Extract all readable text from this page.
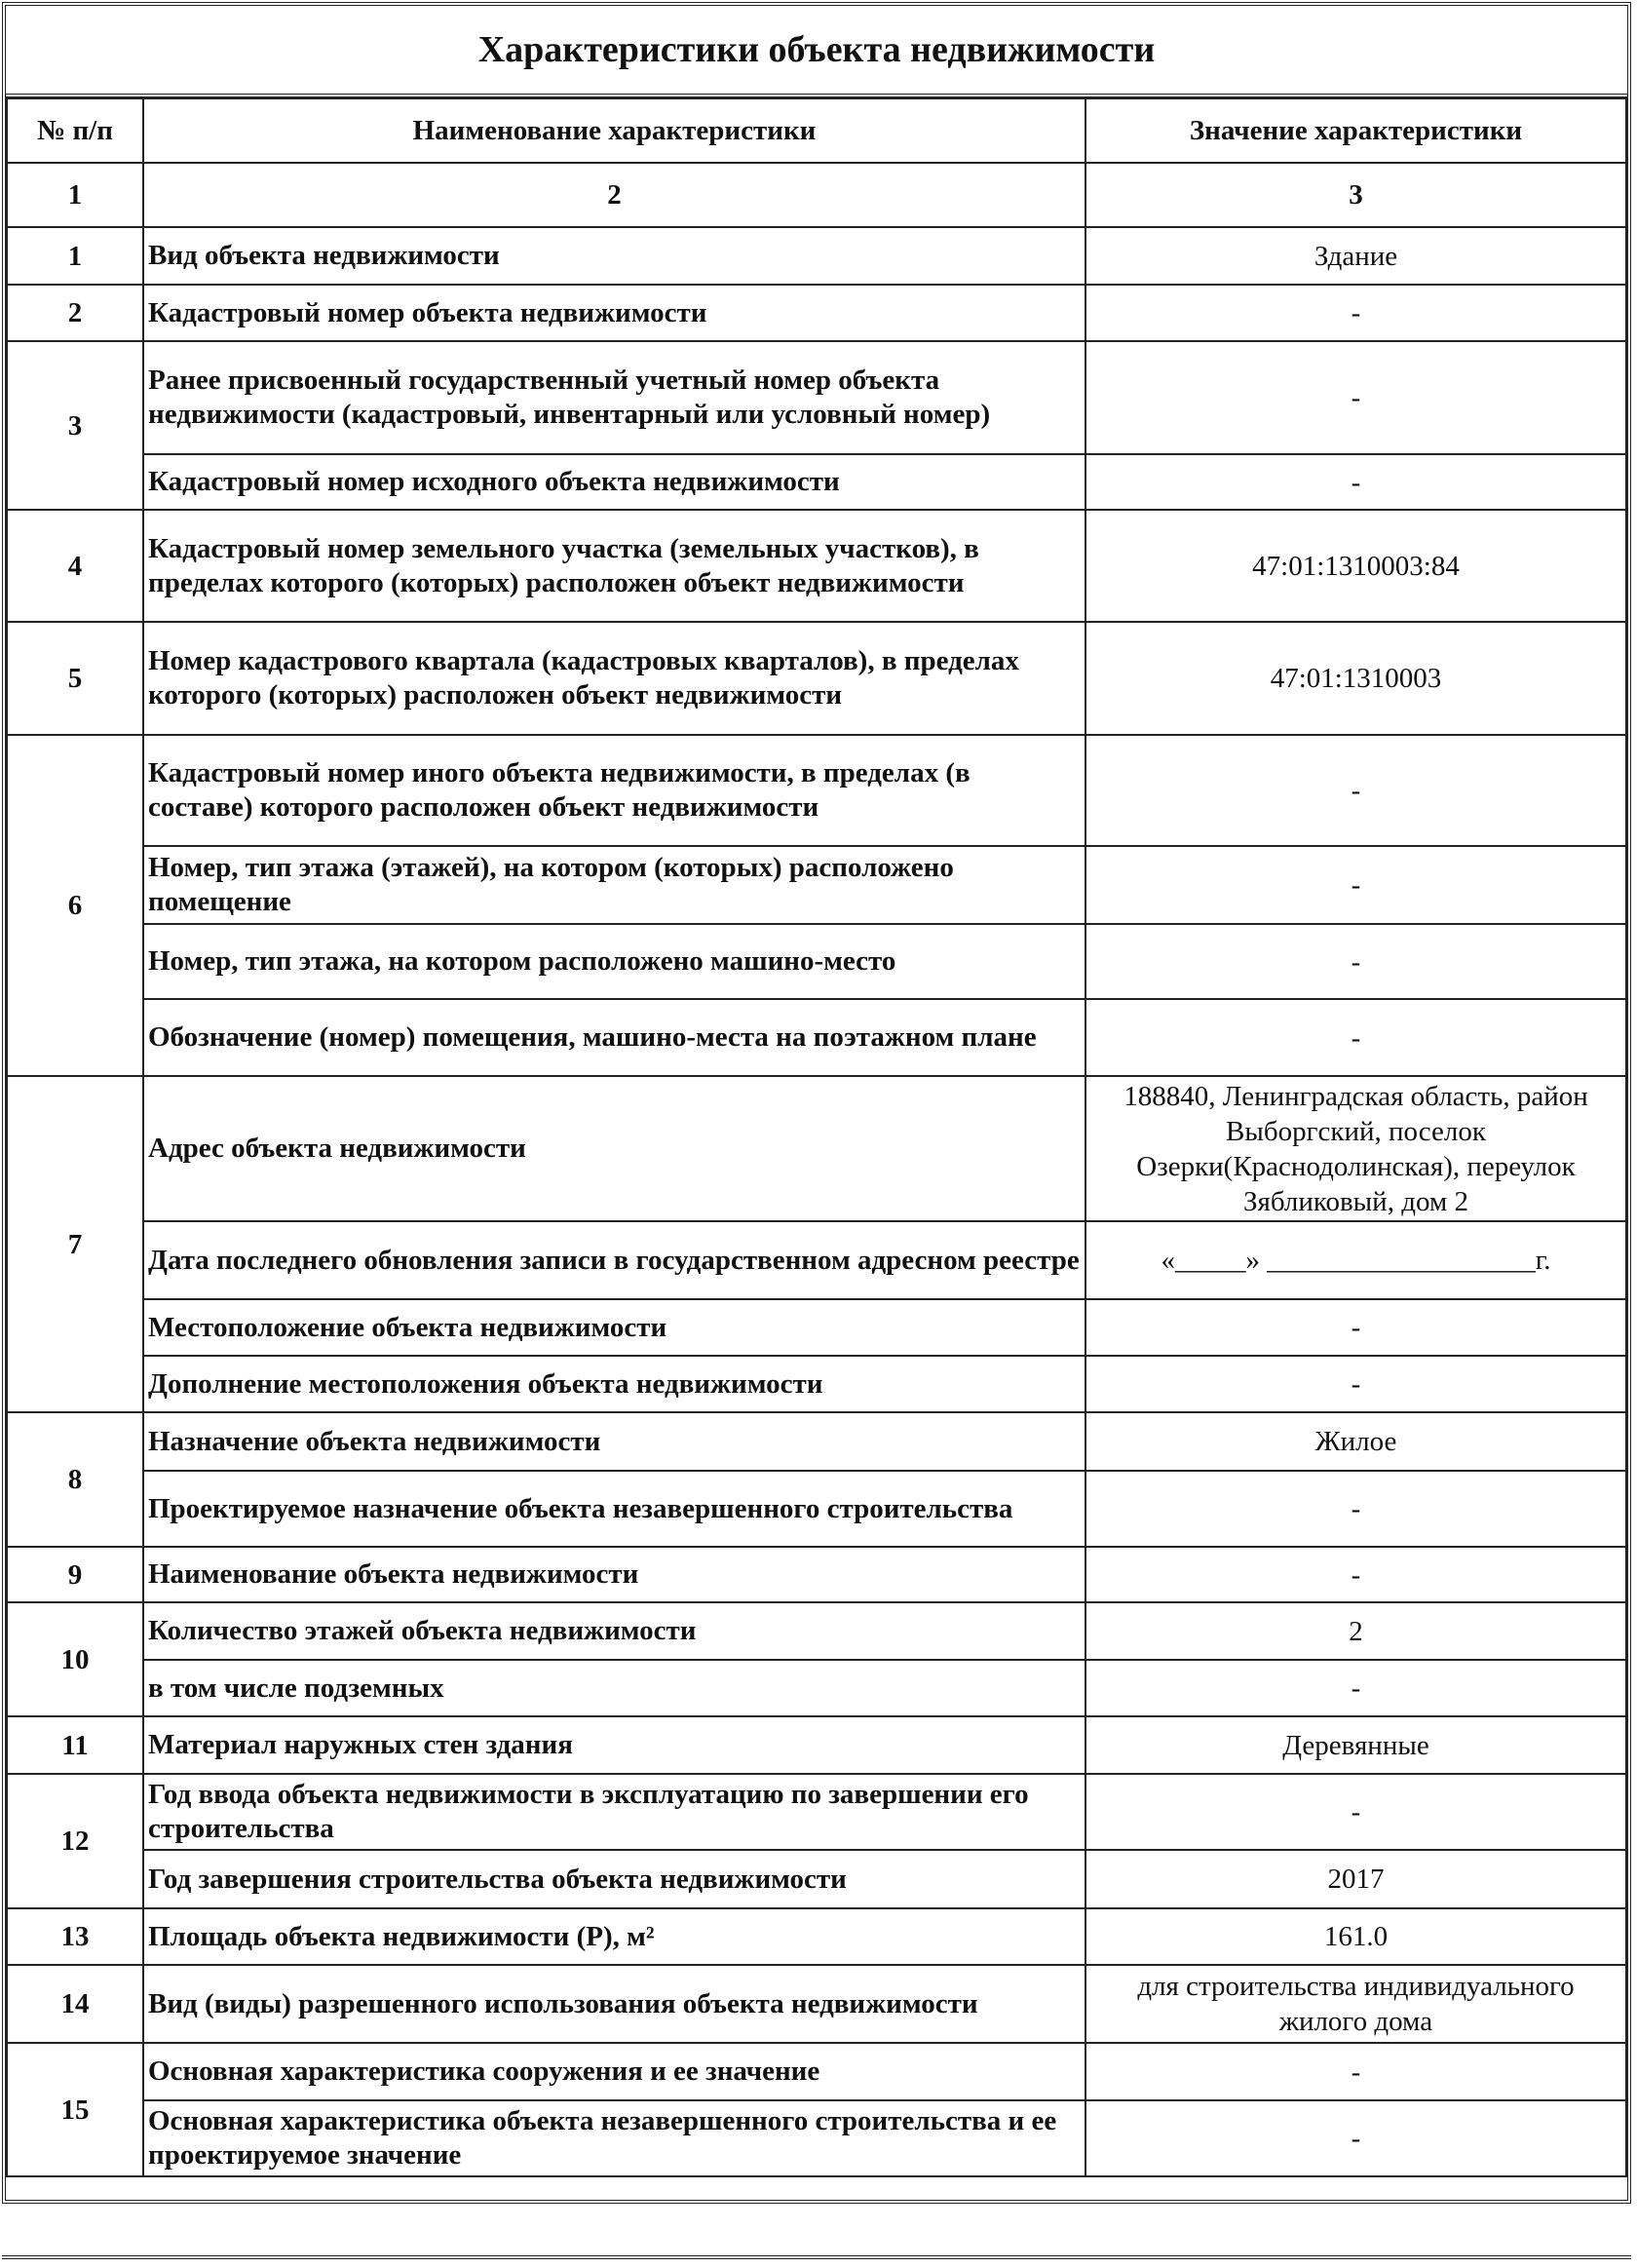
Характеристики объекта недвижимости
№ п/п	Наименование характеристики	Значение характеристики
1	2	3
1	Вид объекта недвижимости	Здание
2	Кадастровый номер объекта недвижимости	-
3	Ранее присвоенный государственный учетный номер объекта недвижимости (кадастровый, инвентарный или условный номер)	-
	Кадастровый номер исходного объекта недвижимости	-
4	Кадастровый номер земельного участка (земельных участков), в пределах которого (которых) расположен объект недвижимости	47:01:1310003:84
5	Номер кадастрового квартала (кадастровых кварталов), в пределах которого (которых) расположен объект недвижимости	47:01:1310003
6	Кадастровый номер иного объекта недвижимости, в пределах (в составе) которого расположен объект недвижимости	-
	Номер, тип этажа (этажей), на котором (которых) расположено помещение	-
	Номер, тип этажа, на котором расположено машино-место	-
	Обозначение (номер) помещения, машино-места на поэтажном плане	-
7	Адрес объекта недвижимости	188840, Ленинградская область, район Выборгский, поселок Озерки(Краснодолинская), переулок Зябликовый, дом 2
	Дата последнего обновления записи в государственном адресном реестре	«_____» ___________________г.
	Местоположение объекта недвижимости	-
	Дополнение местоположения объекта недвижимости	-
8	Назначение объекта недвижимости	Жилое
	Проектируемое назначение объекта незавершенного строительства	-
9	Наименование объекта недвижимости	-
10	Количество этажей объекта недвижимости	2
	в том числе подземных	-
11	Материал наружных стен здания	Деревянные
12	Год ввода объекта недвижимости в эксплуатацию по завершении его строительства	-
	Год завершения строительства объекта недвижимости	2017
13	Площадь объекта недвижимости (P), м²	161.0
14	Вид (виды) разрешенного использования объекта недвижимости	для строительства индивидуального жилого дома
15	Основная характеристика сооружения и ее значение	-
	Основная характеристика объекта незавершенного строительства и ее проектируемое значение	-
